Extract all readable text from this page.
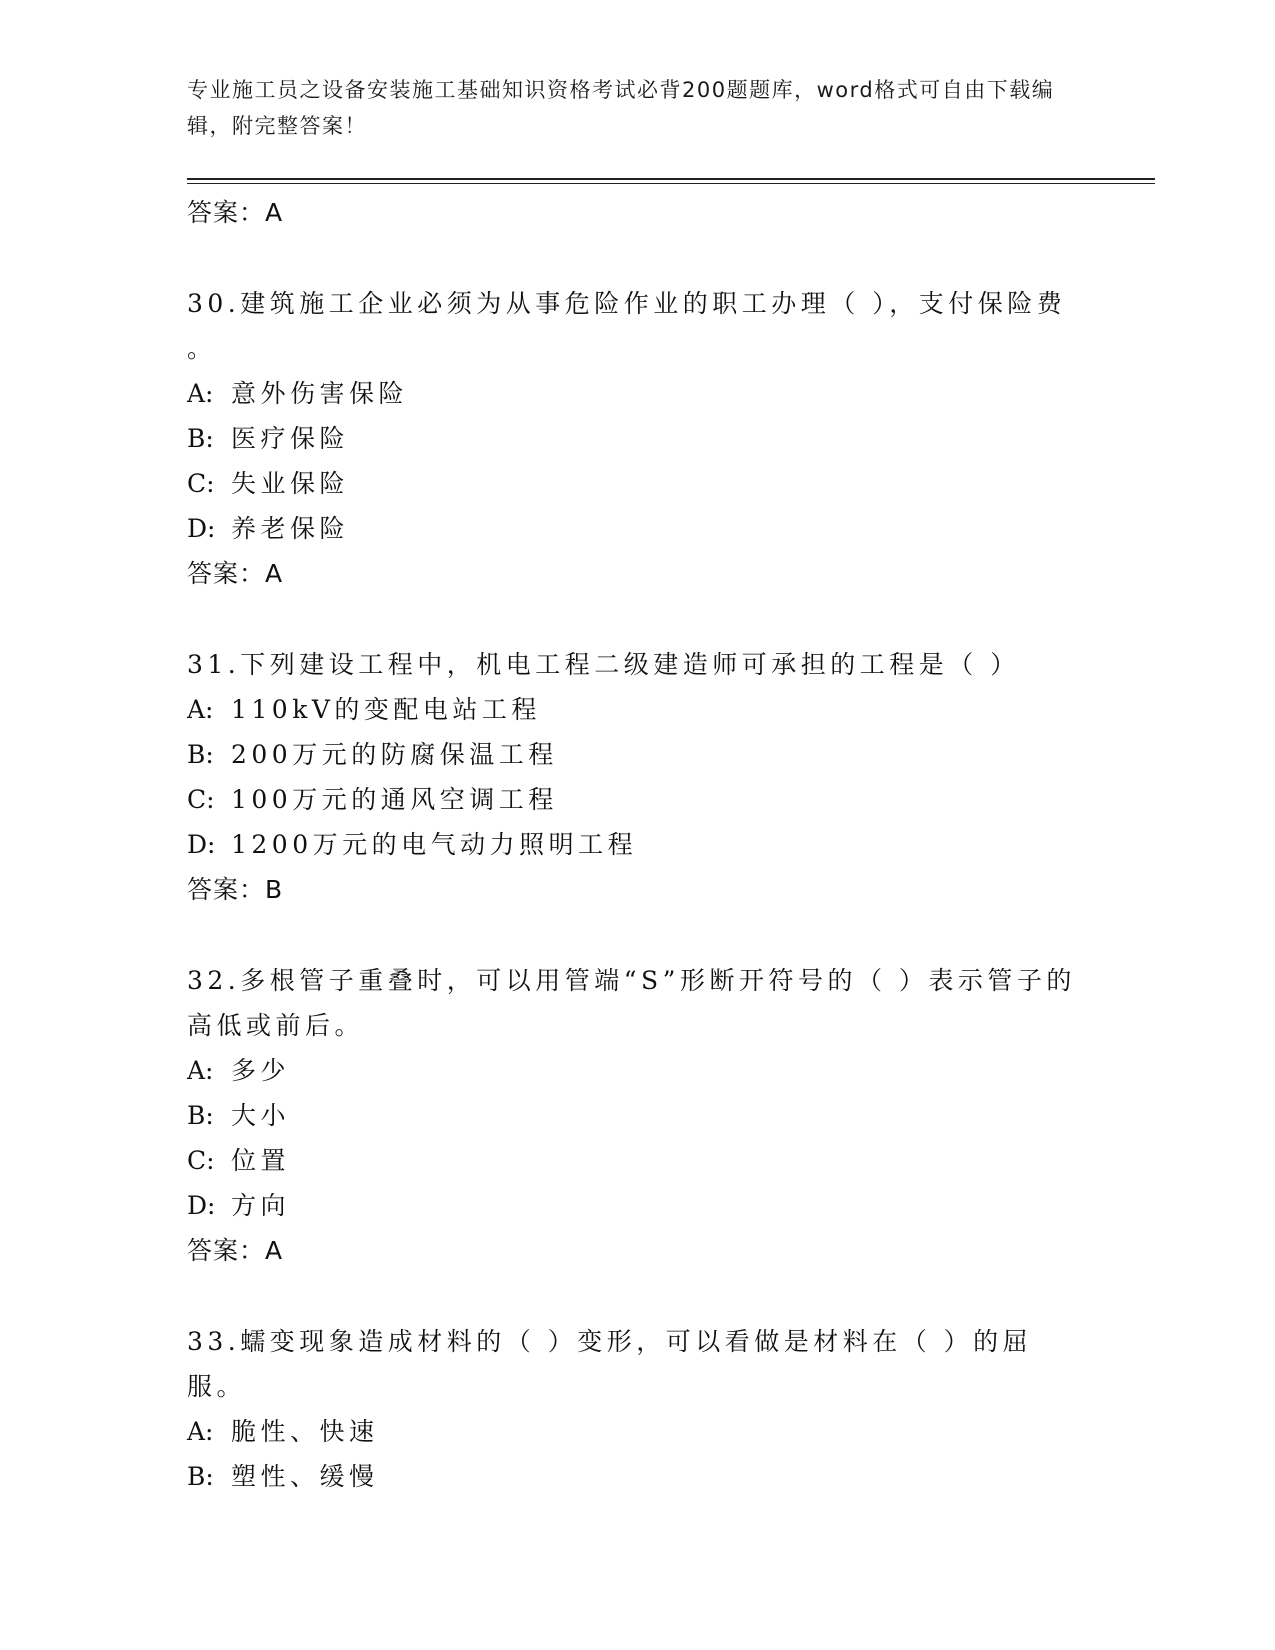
专业施工员之设备安装施工基础知识资格考试必背200题题库，word格式可自由下载编辑，附完整答案！
答案：A
30.建筑施工企业必须为从事危险作业的职工办理（ ），支付保险费
。
A: 意外伤害保险
B: 医疗保险
C: 失业保险
D: 养老保险
答案：A
31.下列建设工程中，机电工程二级建造师可承担的工程是（ ）
A: 110kV的变配电站工程
B: 200万元的防腐保温工程
C: 100万元的通风空调工程
D: 1200万元的电气动力照明工程
答案：B
32.多根管子重叠时，可以用管端“S”形断开符号的（ ）表示管子的
高低或前后。
A: 多少
B: 大小
C: 位置
D: 方向
答案：A
33.蠕变现象造成材料的（ ）变形，可以看做是材料在（ ）的屈服。
A: 脆性、快速
B: 塑性、缓慢
